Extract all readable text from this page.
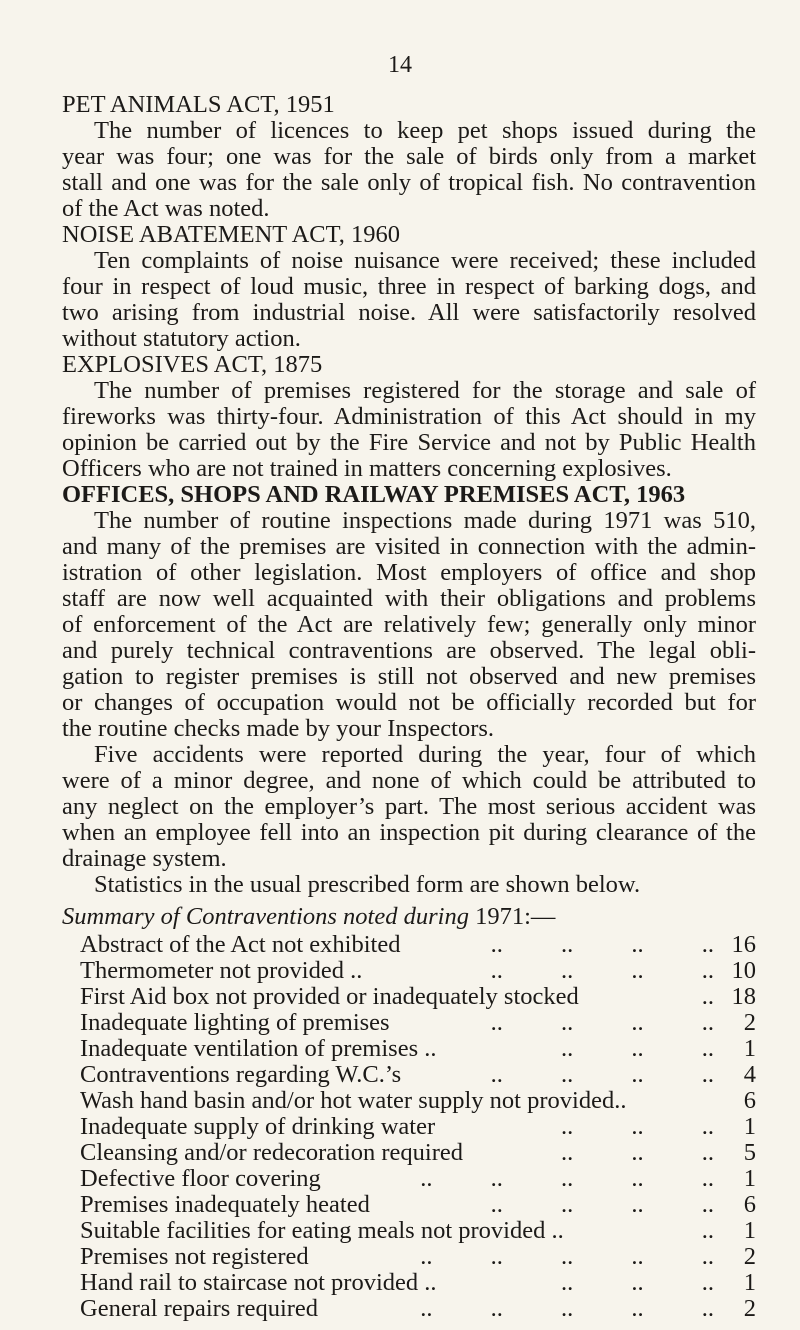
14
PET ANIMALS ACT, 1951
The number of licences to keep pet shops issued during the
year was four; one was for the sale of birds only from a market
stall and one was for the sale only of tropical fish. No contravention
of the Act was noted.
NOISE ABATEMENT ACT, 1960
Ten complaints of noise nuisance were received; these included
four in respect of loud music, three in respect of barking dogs, and
two arising from industrial noise. All were satisfactorily resolved
without statutory action.
EXPLOSIVES ACT, 1875
The number of premises registered for the storage and sale of
fireworks was thirty-four. Administration of this Act should in my
opinion be carried out by the Fire Service and not by Public Health
Officers who are not trained in matters concerning explosives.
OFFICES, SHOPS AND RAILWAY PREMISES ACT, 1963
The number of routine inspections made during 1971 was 510,
and many of the premises are visited in connection with the admin-
istration of other legislation. Most employers of office and shop
staff are now well acquainted with their obligations and problems
of enforcement of the Act are relatively few; generally only minor
and purely technical contraventions are observed. The legal obli-
gation to register premises is still not observed and new premises
or changes of occupation would not be officially recorded but for
the routine checks made by your Inspectors.
Five accidents were reported during the year, four of which
were of a minor degree, and none of which could be attributed to
any neglect on the employer’s part. The most serious accident was
when an employee fell into an inspection pit during clearance of the
drainage system.
Statistics in the usual prescribed form are shown below.
Summary of Contraventions noted during 1971:—
Abstract of the Act not exhibited	.. .. .. .. 16
Thermometer not provided ..	.. .. .. .. 10
First Aid box not provided or inadequately stocked	.. 18
Inadequate lighting of premises	.. .. .. ..	2
Inadequate ventilation of premises ..	.. .. ..	1
Contraventions regarding W.C.’s	.. .. .. ..	4
Wash hand basin and/or hot water supply not provided..	6
Inadequate supply of drinking water	.. .. ..	1
Cleansing and/or redecoration required	.. .. ..	5
Defective floor covering	.. .. .. .. ..	1
Premises inadequately heated	.. .. .. ..	6
Suitable facilities for eating meals not provided ..	..	1
Premises not registered	.. .. .. .. ..	2
Hand rail to staircase not provided ..	.. .. ..	1
General repairs required	.. .. .. .. ..	2
